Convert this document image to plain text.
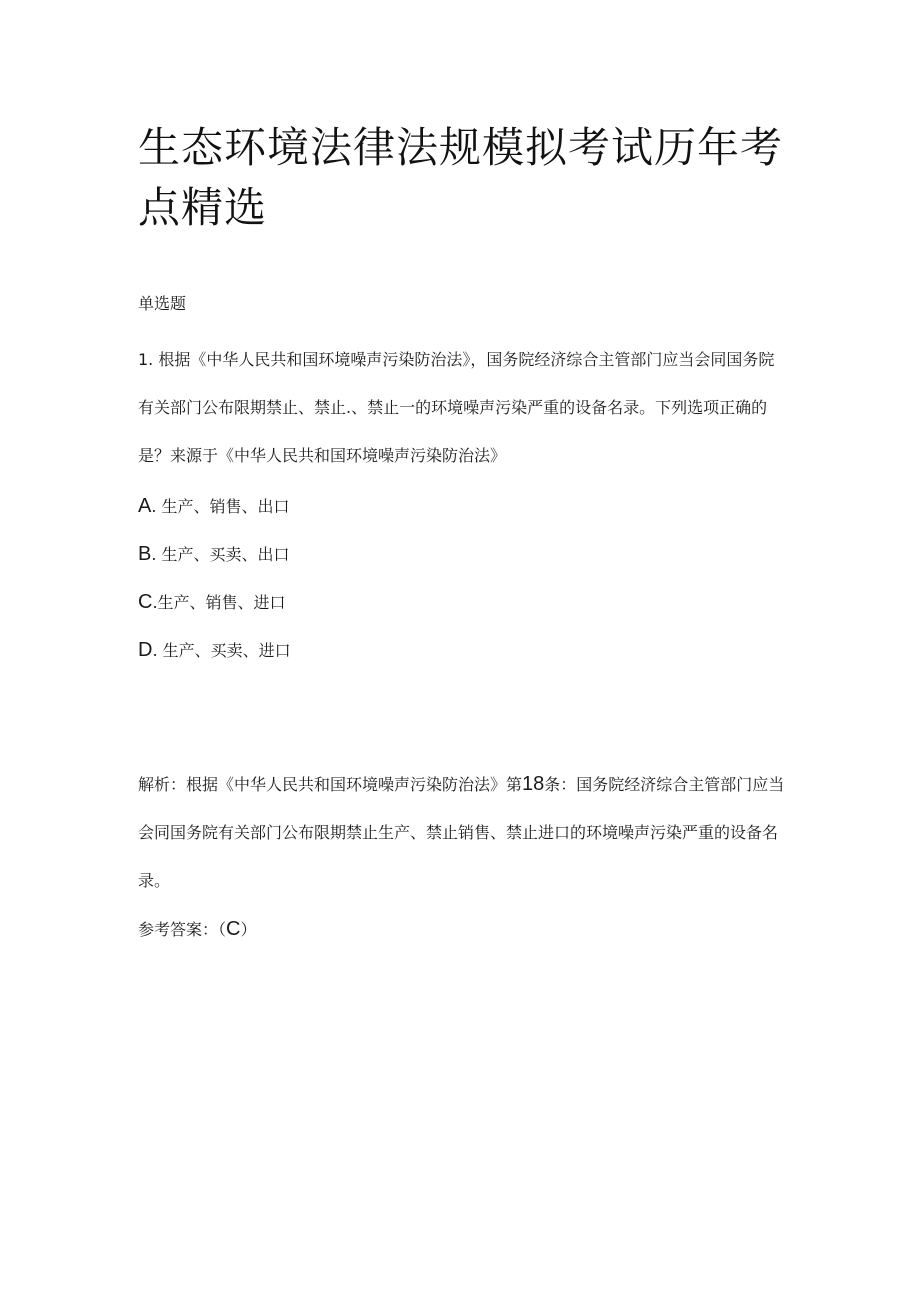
生态环境法律法规模拟考试历年考点精选
单选题
1. 根据《中华人民共和国环境噪声污染防治法》，国务院经济综合主管部门应当会同国务院有关部门公布限期禁止、禁止.、禁止一的环境噪声污染严重的设备名录。下列选项正确的是？来源于《中华人民共和国环境噪声污染防治法》
A. 生产、销售、出口
B. 生产、买卖、出口
C.生产、销售、进口
D. 生产、买卖、进口
解析：根据《中华人民共和国环境噪声污染防治法》第18条：国务院经济综合主管部门应当会同国务院有关部门公布限期禁止生产、禁止销售、禁止进口的环境噪声污染严重的设备名录。
参考答案：（C）
